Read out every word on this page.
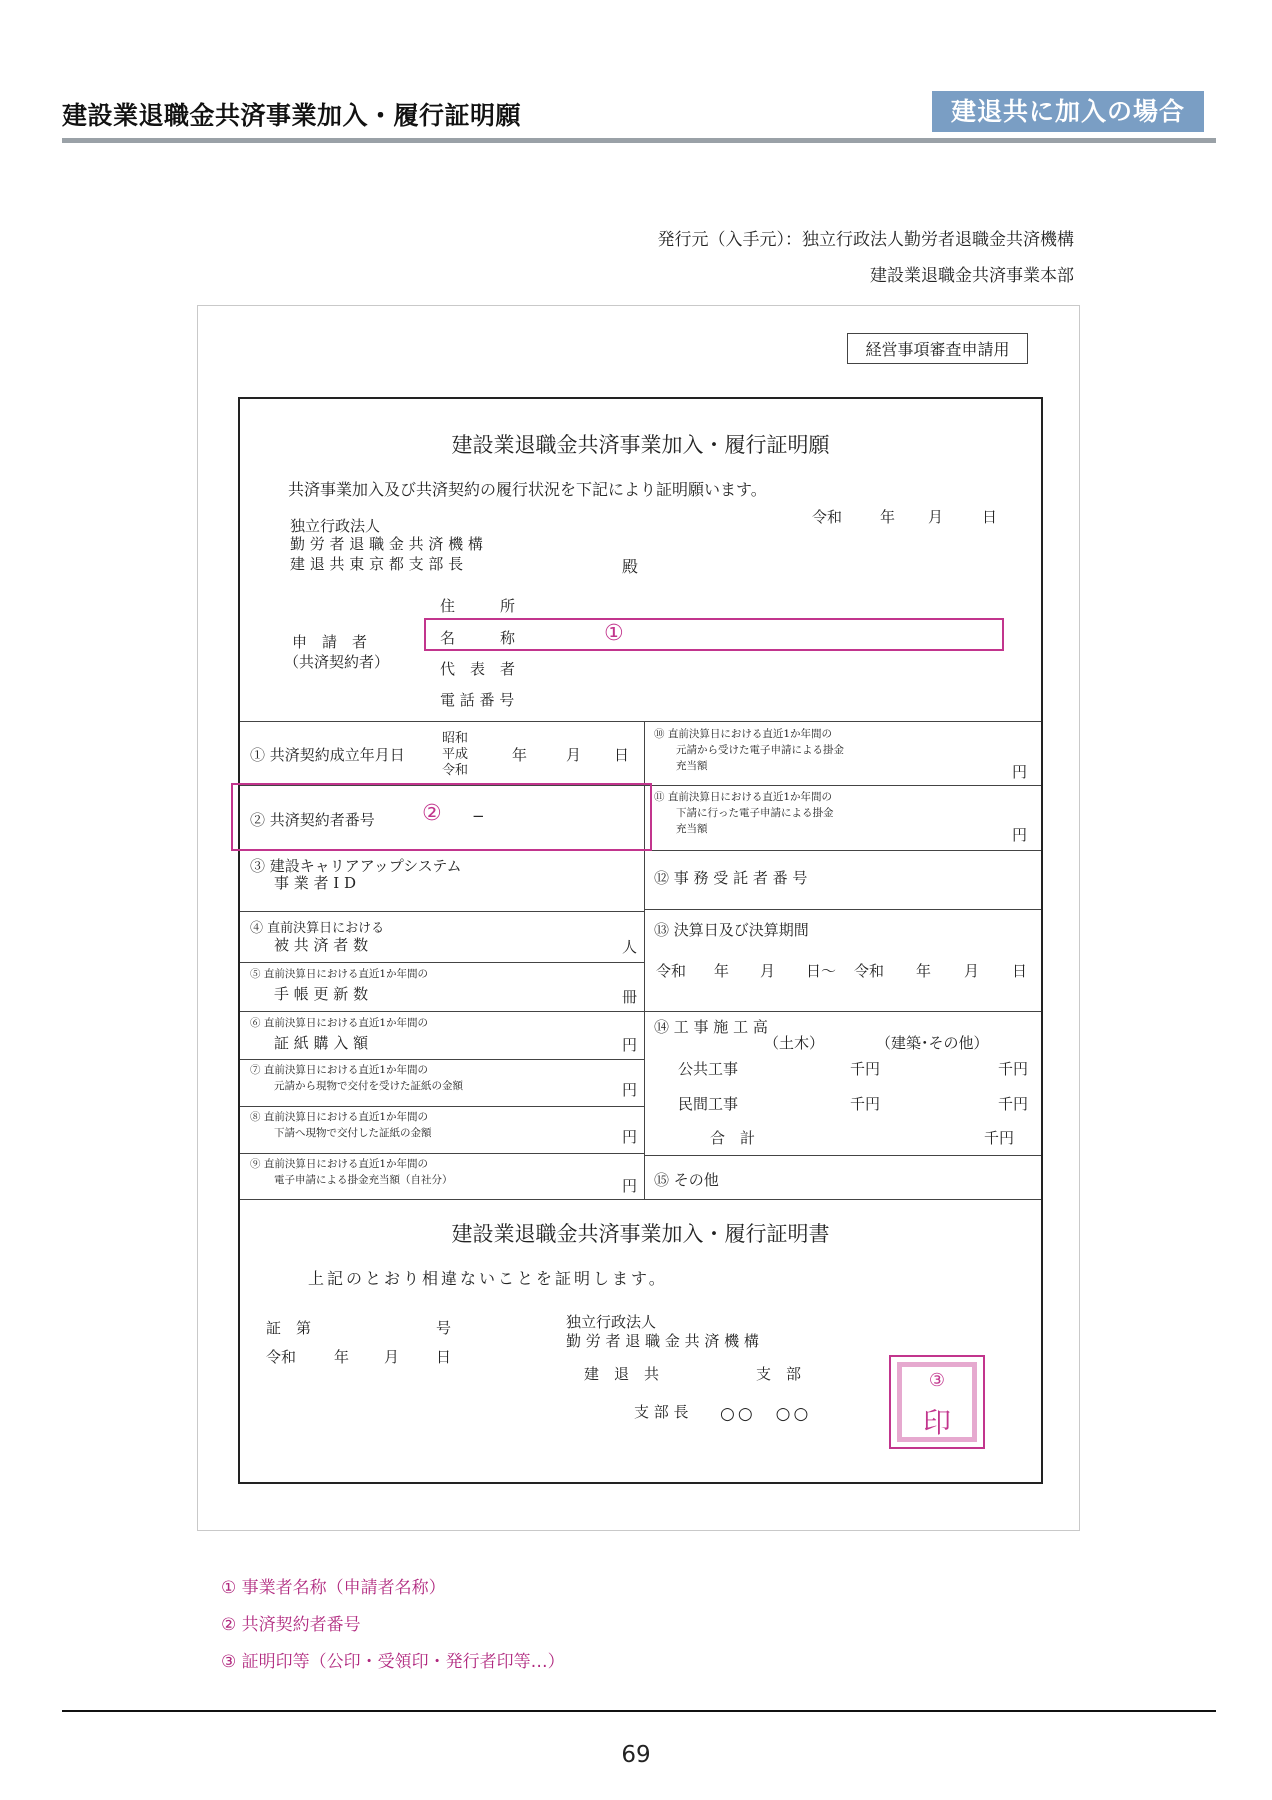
建設業退職金共済事業加入・履行証明願	建退共に加入の場合
発行元（入手元）：独立行政法人勤労者退職金共済機構
建設業退職金共済事業本部
経営事項審査申請用
建設業退職金共済事業加入・履行証明願
共済事業加入及び共済契約の履行状況を下記により証明願います。
令和	年 月	日
独立行政法人
勤 労 者 退 職 金 共 済 機 構
建 退 共 東 京 都 支 部 長	殿
住　　　所
名　　　称
申　請　者
（共済契約者）	代　表　者
電 話 番 号
① 共済契約成立年月日
昭和
平成
令和
年	月 日
② 共済契約者番号	−
③ 建設キャリアアップシステム
事 業 者 I D
④ 直前決算日における
被 共 済 者 数	人
⑤ 直前決算日における直近1か年間の
手 帳 更 新 数	冊
⑥ 直前決算日における直近1か年間の
証 紙 購 入 額	円
⑦ 直前決算日における直近1か年間の
元請から現物で交付を受けた証紙の金額	円
⑧ 直前決算日における直近1か年間の
下請へ現物で交付した証紙の金額	円
⑨ 直前決算日における直近1か年間の
電子申請による掛金充当額（自社分）	円
⑩ 直前決算日における直近1か年間の
元請から受けた電子申請による掛金
充当額	円
⑪ 直前決算日における直近1か年間の
下請に行った電子申請による掛金
充当額	円
⑫ 事 務 受 託 者 番 号
⑬ 決算日及び決算期間
令和 年 月 日〜 令和 年 月 日
⑭ 工 事 施 工 高
（土木）	（建築･その他）
公共工事	千円	千円
民間工事	千円	千円
合　計	千円
⑮ その他
建設業退職金共済事業加入・履行証明書
上記のとおり相違ないことを証明します。
証　第	号
令和	年 月 日
独立行政法人
勤 労 者 退 職 金 共 済 機 構
建　退　共	支　部
支 部 長 ○○　○○
①
②
③
印
① 事業者名称（申請者名称）
② 共済契約者番号
③ 証明印等（公印・受領印・発行者印等…）
69
